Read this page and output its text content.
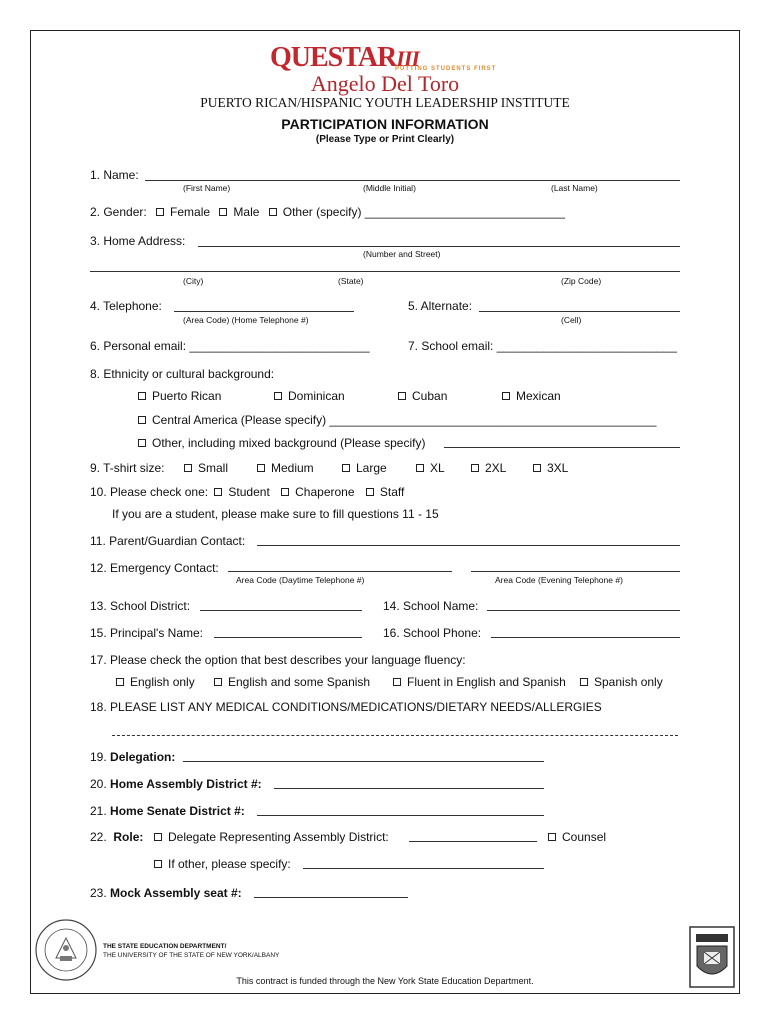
QUESTARIII
PUTTING STUDENTS FIRST
Angelo Del Toro
PUERTO RICAN/HISPANIC YOUTH LEADERSHIP INSTITUTE
PARTICIPATION INFORMATION
(Please Type or Print Clearly)
1. Name:
(First Name)	(Middle Initial)	(Last Name)
2. Gender: Female Male Other (specify) ______________________________
3. Home Address:
(Number and Street)
(City)	(State)	(Zip Code)
4. Telephone:
(Area Code) (Home Telephone #)
5. Alternate:
(Cell)
6. Personal email: ___________________________	7. School email: ___________________________
8. Ethnicity or cultural background:
Puerto Rican	Dominican	Cuban	Mexican
Central America (Please specify) _________________________________________________
Other, including mixed background (Please specify)
9. T-shirt size:	Small	Medium	Large	XL	2XL	3XL
10. Please check one: Student Chaperone Staff
If you are a student, please make sure to fill questions 11 - 15
11. Parent/Guardian Contact:
12. Emergency Contact:
Area Code (Daytime Telephone #)	Area Code (Evening Telephone #)
13. School District:	14. School Name:
15. Principal's Name:	16. School Phone:
17. Please check the option that best describes your language fluency:
English only	English and some Spanish	Fluent in English and Spanish	Spanish only
18. PLEASE LIST ANY MEDICAL CONDITIONS/MEDICATIONS/DIETARY NEEDS/ALLERGIES
19. Delegation:
20. Home Assembly District #:
21. Home Senate District #:
22. Role:	Delegate Representing Assembly District:	Counsel
If other, please specify:
23. Mock Assembly seat #:
THE STATE EDUCATION DEPARTMENT/
THE UNIVERSITY OF THE STATE OF NEW YORK/ALBANY
This contract is funded through the New York State Education Department.
